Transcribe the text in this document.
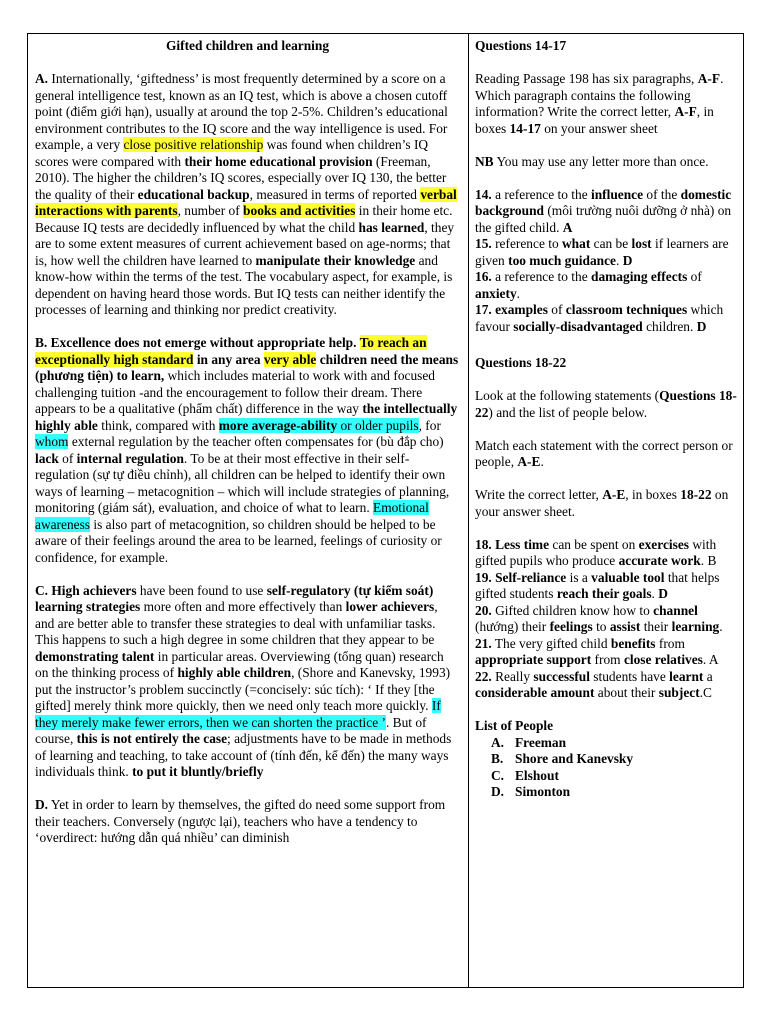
Gifted children and learning

A. Internationally, ‘giftedness’ is most frequently determined by a score on a general intelligence test, known as an IQ test, which is above a chosen cutoff point (điểm giới hạn), usually at around the top 2-5%. Children’s educational environment contributes to the IQ score and the way intelligence is used. For example, a very close positive relationship was found when children’s IQ scores were compared with their home educational provision (Freeman, 2010). The higher the children’s IQ scores, especially over IQ 130, the better the quality of their educational backup, measured in terms of reported verbal interactions with parents, number of books and activities in their home etc. Because IQ tests are decidedly influenced by what the child has learned, they are to some extent measures of current achievement based on age-norms; that is, how well the children have learned to manipulate their knowledge and know-how within the terms of the test. The vocabulary aspect, for example, is dependent on having heard those words. But IQ tests can neither identify the processes of learning and thinking nor predict creativity.

B. Excellence does not emerge without appropriate help. To reach an exceptionally high standard in any area very able children need the means (phương tiện) to learn, which includes material to work with and focused challenging tuition -and the encouragement to follow their dream. There appears to be a qualitative (phẩm chất) difference in the way the intellectually highly able think, compared with more average-ability or older pupils, for whom external regulation by the teacher often compensates for (bù đắp cho) lack of internal regulation. To be at their most effective in their self-regulation (sự tự điều chỉnh), all children can be helped to identify their own ways of learning – metacognition – which will include strategies of planning, monitoring (giám sát), evaluation, and choice of what to learn. Emotional awareness is also part of metacognition, so children should be helped to be aware of their feelings around the area to be learned, feelings of curiosity or confidence, for example.

C. High achievers have been found to use self-regulatory (tự kiểm soát) learning strategies more often and more effectively than lower achievers, and are better able to transfer these strategies to deal with unfamiliar tasks. This happens to such a high degree in some children that they appear to be demonstrating talent in particular areas. Overviewing (tổng quan) research on the thinking process of highly able children, (Shore and Kanevsky, 1993) put the instructor’s problem succinctly (=concisely: súc tích): ‘ If they [the gifted] merely think more quickly, then we need only teach more quickly. If they merely make fewer errors, then we can shorten the practice ’. But of course, this is not entirely the case; adjustments have to be made in methods of learning and teaching, to take account of (tính đến, kể đến) the many ways individuals think. to put it bluntly/briefly

D. Yet in order to learn by themselves, the gifted do need some support from their teachers. Conversely (ngược lại), teachers who have a tendency to ‘overdirect: hướng dẫn quá nhiều’ can diminish

Questions 14-17

Reading Passage 198 has six paragraphs, A-F.

Which paragraph contains the following information? Write the correct letter, A-F, in boxes 14-17 on your answer sheet

NB You may use any letter more than once.

14. a reference to the influence of the domestic background (môi trường nuôi dưỡng ở nhà) on the gifted child. A

15. reference to what can be lost if learners are given too much guidance. D

16. a reference to the damaging effects of anxiety.

17. examples of classroom techniques which favour socially-disadvantaged children. D

Questions 18-22

Look at the following statements (Questions 18-22) and the list of people below.

Match each statement with the correct person or people, A-E.

Write the correct letter, A-E, in boxes 18-22 on your answer sheet.

18. Less time can be spent on exercises with gifted pupils who produce accurate work. B

19. Self-reliance is a valuable tool that helps gifted students reach their goals. D

20. Gifted children know how to channel (hướng) their feelings to assist their learning.

21. The very gifted child benefits from appropriate support from close relatives. A

22. Really successful students have learnt a considerable amount about their subject.C

List of People

A. Freeman
B. Shore and Kanevsky
C. Elshout
D. Simonton
